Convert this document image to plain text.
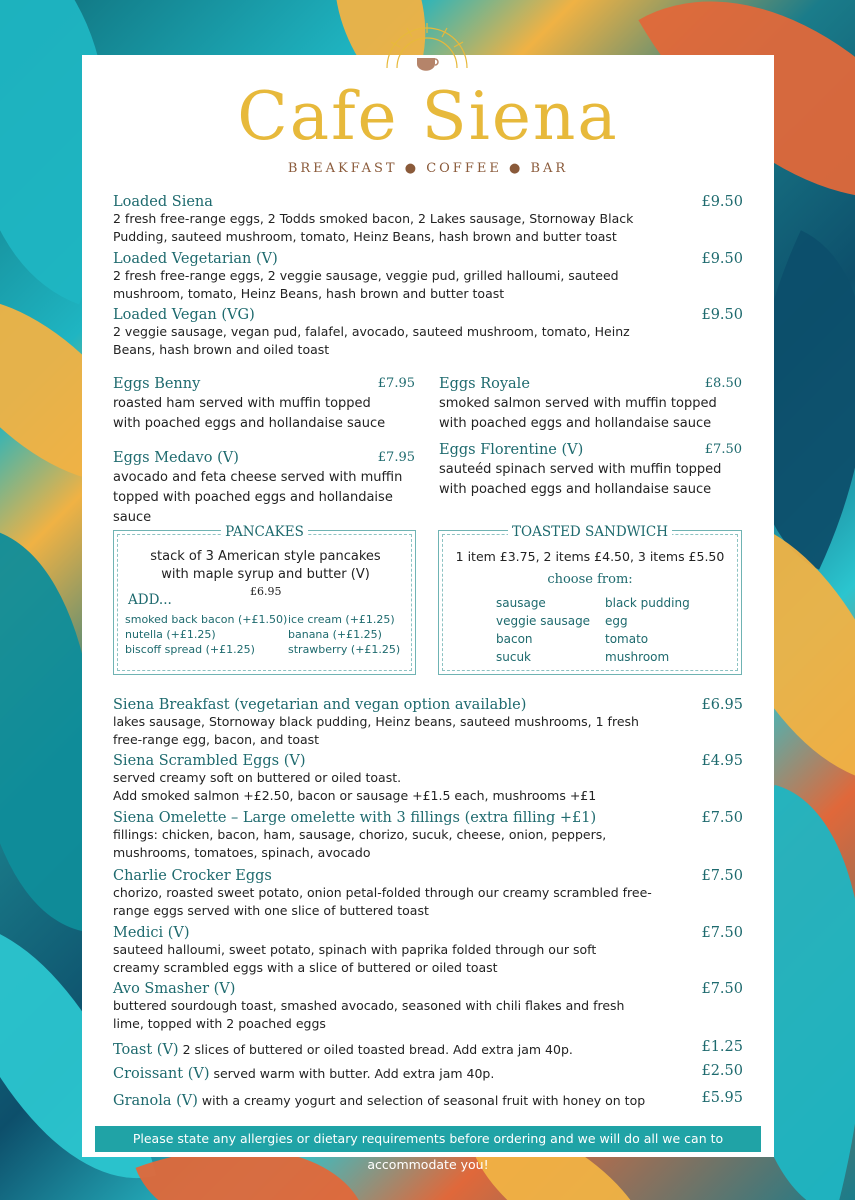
Cafe Siena
BREAKFAST ● COFFEE ● BAR
Loaded Siena	£9.50
2 fresh free-range eggs, 2 Todds smoked bacon, 2 Lakes sausage, Stornoway Black Pudding, sauteed mushroom, tomato, Heinz Beans, hash brown and butter toast
Loaded Vegetarian (V)	£9.50
2 fresh free-range eggs, 2 veggie sausage, veggie pud, grilled halloumi, sauteed mushroom, tomato, Heinz Beans, hash brown and butter toast
Loaded Vegan (VG)	£9.50
2 veggie sausage, vegan pud, falafel, avocado, sauteed mushroom, tomato, Heinz Beans, hash brown and oiled toast
Eggs Benny	£7.95
roasted ham served with muffin topped with poached eggs and hollandaise sauce
Eggs Royale	£8.50
smoked salmon served with muffin topped with poached eggs and hollandaise sauce
Eggs Medavo (V)	£7.95
avocado and feta cheese served with muffin topped with poached eggs and hollandaise sauce
Eggs Florentine (V)	£7.50
sauteéd spinach served with muffin topped with poached eggs and hollandaise sauce
PANCAKES
stack of 3 American style pancakes with maple syrup and butter (V)
ADD...
£6.95
smoked back bacon (+£1.50) ice cream (+£1.25)
nutella (+£1.25)	banana (+£1.25)
biscoff spread (+£1.25)	strawberry (+£1.25)
TOASTED SANDWICH
1 item £3.75, 2 items £4.50, 3 items £5.50
choose from:
sausage	black pudding
veggie sausage	egg
bacon	tomato
sucuk	mushroom
Siena Breakfast (vegetarian and vegan option available)	£6.95
lakes sausage, Stornoway black pudding, Heinz beans, sauteed mushrooms, 1 fresh free-range egg, bacon, and toast
Siena Scrambled Eggs (V)	£4.95
served creamy soft on buttered or oiled toast.
Add smoked salmon +£2.50, bacon or sausage +£1.5 each, mushrooms +£1
Siena Omelette – Large omelette with 3 fillings (extra filling +£1)	£7.50
fillings: chicken, bacon, ham, sausage, chorizo, sucuk, cheese, onion, peppers, mushrooms, tomatoes, spinach, avocado
Charlie Crocker Eggs	£7.50
chorizo, roasted sweet potato, onion petal-folded through our creamy scrambled free-range eggs served with one slice of buttered toast
Medici (V)	£7.50
sauteed halloumi, sweet potato, spinach with paprika folded through our soft creamy scrambled eggs with a slice of buttered or oiled toast
Avo Smasher (V)	£7.50
buttered sourdough toast, smashed avocado, seasoned with chili flakes and fresh lime, topped with 2 poached eggs
Toast (V) 2 slices of buttered or oiled toasted bread. Add extra jam 40p.	£1.25
Croissant (V) served warm with butter. Add extra jam 40p.	£2.50
Granola (V) with a creamy yogurt and selection of seasonal fruit with honey on top	£5.95
Please state any allergies or dietary requirements before ordering and we will do all we can to accommodate you!
